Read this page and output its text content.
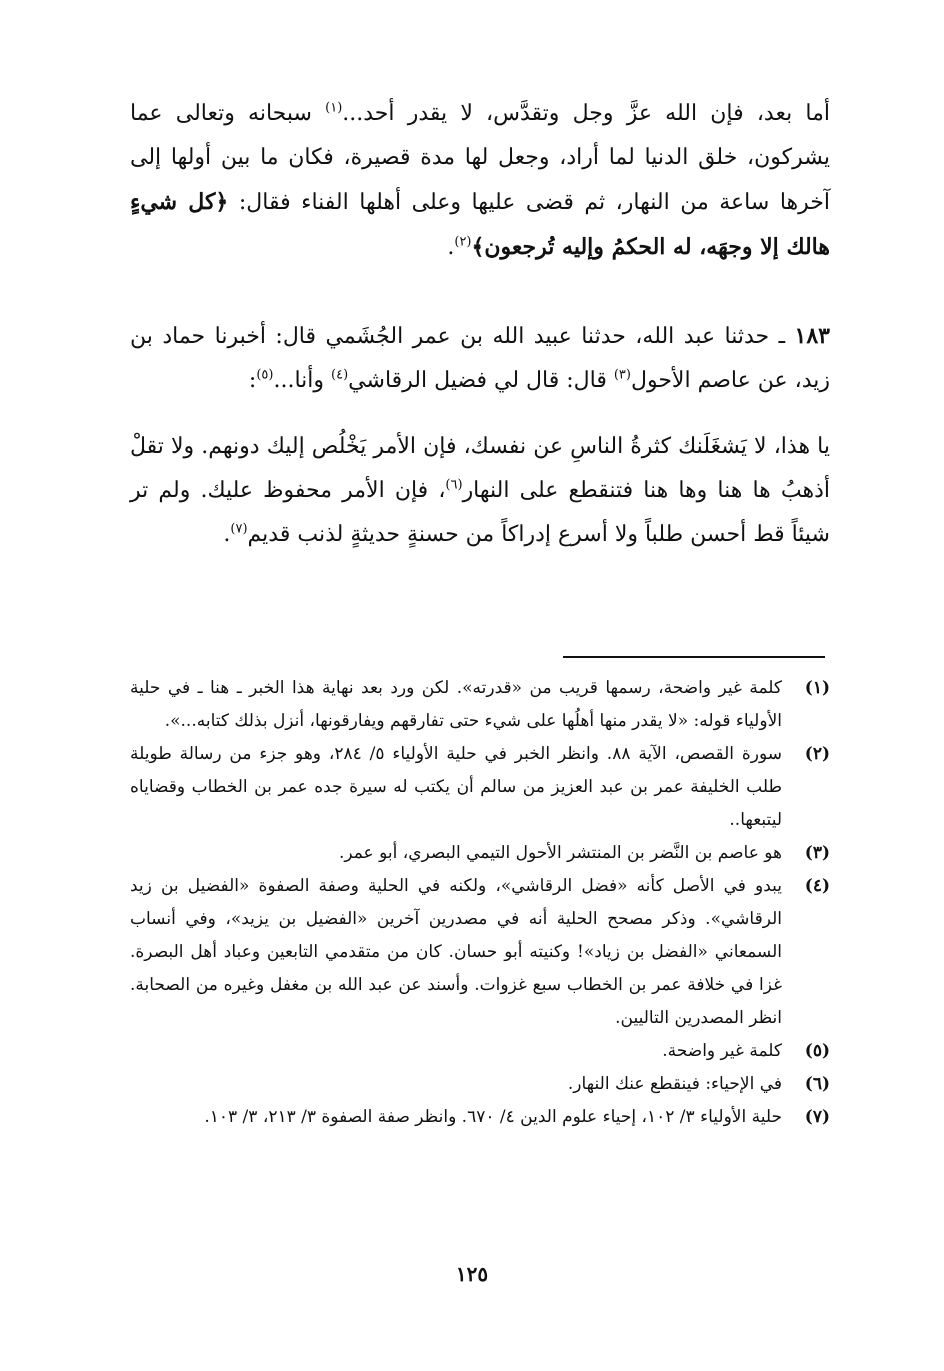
أما بعد، فإن الله عزَّ وجل وتقدَّس، لا يقدر أحد...$^{(١)}$ سبحانه وتعالى عما يشركون، خلق الدنيا لما أراد، وجعل لها مدة قصيرة، فكان ما بين أولها إلى آخرها ساعة من النهار، ثم قضى عليها وعلى أهلها الفناء فقال: ﴿كل شيءٍ هالك إلا وجهَه، له الحكمُ وإليه تُرجعون﴾$^{(٢)}$.

١٨٣ ـ حدثنا عبد الله، حدثنا عبيد الله بن عمر الجُشَمي قال: أخبرنا حماد بن زيد، عن عاصم الأحول$^{(٣)}$ قال: قال لي فضيل الرقاشي$^{(٤)}$ وأنا...$^{(٥)}$:

يا هذا، لا يَشغَلَنك كثرةُ الناسِ عن نفسك، فإن الأمر يَخْلُص إليك دونهم. ولا تقلْ أذهبُ ها هنا وها هنا فتنقطع على النهار$^{(٦)}$، فإن الأمر محفوظ عليك. ولم تر شيئاً قط أحسن طلباً ولا أسرع إدراكاً من حسنةٍ حديثةٍ لذنب قديم$^{(٧)}$.

(١)
كلمة غير واضحة، رسمها قريب من «قدرته». لكن ورد بعد نهاية هذا الخبر ـ هنا ـ في حلية الأولياء قوله: «لا يقدر منها أهلُها على شيء حتى تفارقهم ويفارقونها، أنزل بذلك كتابه...».
(٢)
سورة القصص، الآية ٨٨. وانظر الخبر في حلية الأولياء ٥/ ٢٨٤، وهو جزء من رسالة طويلة طلب الخليفة عمر بن عبد العزيز من سالم أن يكتب له سيرة جده عمر بن الخطاب وقضاياه ليتبعها..
(٣)
هو عاصم بن النَّضر بن المنتشر الأحول التيمي البصري، أبو عمر.
(٤)
يبدو في الأصل كأنه «فضل الرقاشي»، ولكنه في الحلية وصفة الصفوة «الفضيل بن زيد الرقاشي». وذكر مصحح الحلية أنه في مصدرين آخرين «الفضيل بن يزيد»، وفي أنساب السمعاني «الفضل بن زياد»! وكنيته أبو حسان. كان من متقدمي التابعين وعباد أهل البصرة. غزا في خلافة عمر بن الخطاب سبع غزوات. وأسند عن عبد الله بن مغفل وغيره من الصحابة. انظر المصدرين التاليين.
(٥)
كلمة غير واضحة.
(٦)
في الإحياء: فينقطع عنك النهار.
(٧)
حلية الأولياء ٣/ ١٠٢، إحياء علوم الدين ٤/ ٦٧٠. وانظر صفة الصفوة ٣/ ٢١٣، ٣/ ١٠٣.
١٢٥
